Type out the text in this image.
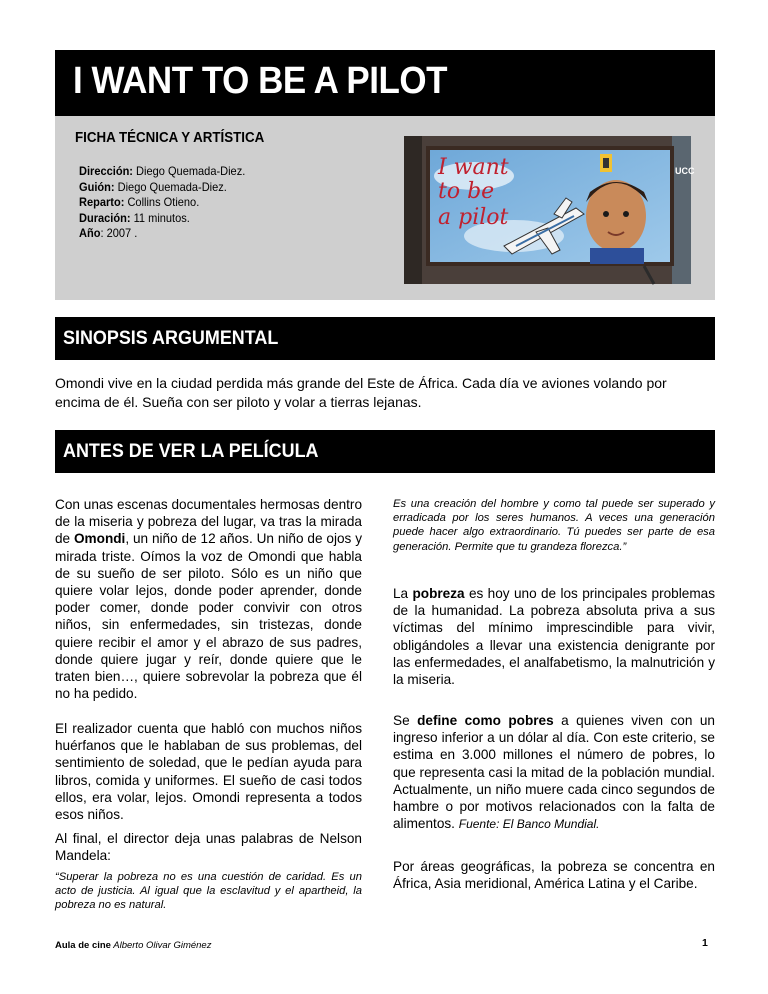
I WANT TO BE A PILOT
FICHA TÉCNICA Y ARTÍSTICA
Dirección: Diego Quemada-Diez.
Guión: Diego Quemada-Diez.
Reparto: Collins Otieno.
Duración: 11 minutos.
Año: 2007 .
I want
to be
a pilot
UCC
SINOPSIS ARGUMENTAL
Omondi vive en la ciudad perdida más grande del Este de África. Cada día ve aviones volando por encima de él. Sueña con ser piloto y volar a tierras lejanas.
ANTES DE VER LA PELÍCULA
Con unas escenas documentales hermosas dentro de la miseria y pobreza del lugar, va tras la mirada de Omondi, un niño de 12 años. Un niño de ojos y mirada triste. Oímos la voz de Omondi que habla de su sueño de ser piloto. Sólo es un niño que quiere volar lejos, donde poder aprender, donde poder comer, donde poder convivir con otros niños, sin enfermedades, sin tristezas, donde quiere recibir el amor y el abrazo de sus padres, donde quiere jugar y reír, donde quiere que le traten bien…, quiere sobrevolar la pobreza que él no ha pedido.
El realizador cuenta que habló con muchos niños huérfanos que le hablaban de sus problemas, del sentimiento de soledad, que le pedían ayuda para libros, comida y uniformes. El sueño de casi todos ellos, era volar, lejos. Omondi representa a todos esos niños.
Al final, el director deja unas palabras de Nelson Mandela:
“Superar la pobreza no es una cuestión de caridad. Es un acto de justicia. Al igual que la esclavitud y el apartheid, la pobreza no es natural.
Es una creación del hombre y como tal puede ser superado y erradicada por los seres humanos. A veces una generación puede hacer algo extraordinario. Tú puedes ser parte de esa generación. Permite que tu grandeza florezca.”
La pobreza es hoy uno de los principales problemas de la humanidad. La pobreza absoluta priva a sus víctimas del mínimo imprescindible para vivir, obligándoles a llevar una existencia denigrante por las enfermedades, el analfabetismo, la malnutrición y la miseria.
Se define como pobres a quienes viven con un ingreso inferior a un dólar al día. Con este criterio, se estima en 3.000 millones el número de pobres, lo que representa casi la mitad de la población mundial. Actualmente, un niño muere cada cinco segundos de hambre o por motivos relacionados con la falta de alimentos. Fuente: El Banco Mundial.
Por áreas geográficas, la pobreza se concentra en África, Asia meridional, América Latina y el Caribe.
Aula de cine Alberto Olivar Giménez	1
